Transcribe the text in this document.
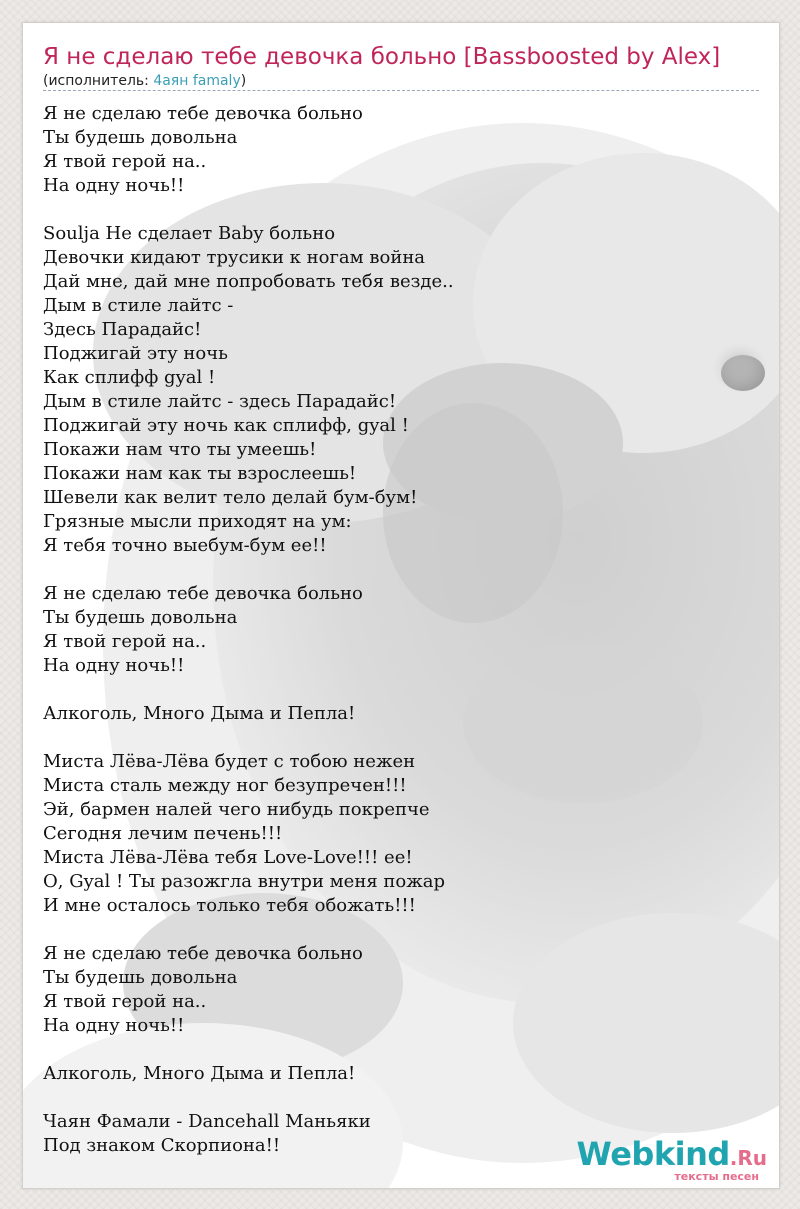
Я не сделаю тебе девочка больно [Bassboosted by Alex]
(исполнитель: 4аян famaly)
Я не сделаю тебе девочка больно
Ты будешь довольна
Я твой герой на..
На одну ночь!!
Soulja Не сделает Baby больно
Девочки кидают трусики к ногам война
Дай мне, дай мне попробовать тебя везде..
Дым в стиле лайтс -
Здесь Парадайс!
Поджигай эту ночь
Как сплифф gyal !
Дым в стиле лайтс - здесь Парадайс!
Поджигай эту ночь как сплифф, gyal !
Покажи нам что ты умеешь!
Покажи нам как ты взрослеешь!
Шевели как велит тело делай бум-бум!
Грязные мысли приходят на ум:
Я тебя точно выебум-бум ее!!
Я не сделаю тебе девочка больно
Ты будешь довольна
Я твой герой на..
На одну ночь!!
Алкоголь, Много Дыма и Пепла!
Миста Лёва-Лёва будет с тобою нежен
Миста сталь между ног безупречен!!!
Эй, бармен налей чего нибудь покрепче
Сегодня лечим печень!!!
Миста Лёва-Лёва тебя Love-Love!!! ее!
О, Gyal ! Ты разожгла внутри меня пожар
И мне осталось только тебя обожать!!!
Я не сделаю тебе девочка больно
Ты будешь довольна
Я твой герой на..
На одну ночь!!
Алкоголь, Много Дыма и Пепла!
Чаян Фамали - Dancehall Маньяки
Под знаком Скорпиона!!	Webkind.Ru
тексты песен
